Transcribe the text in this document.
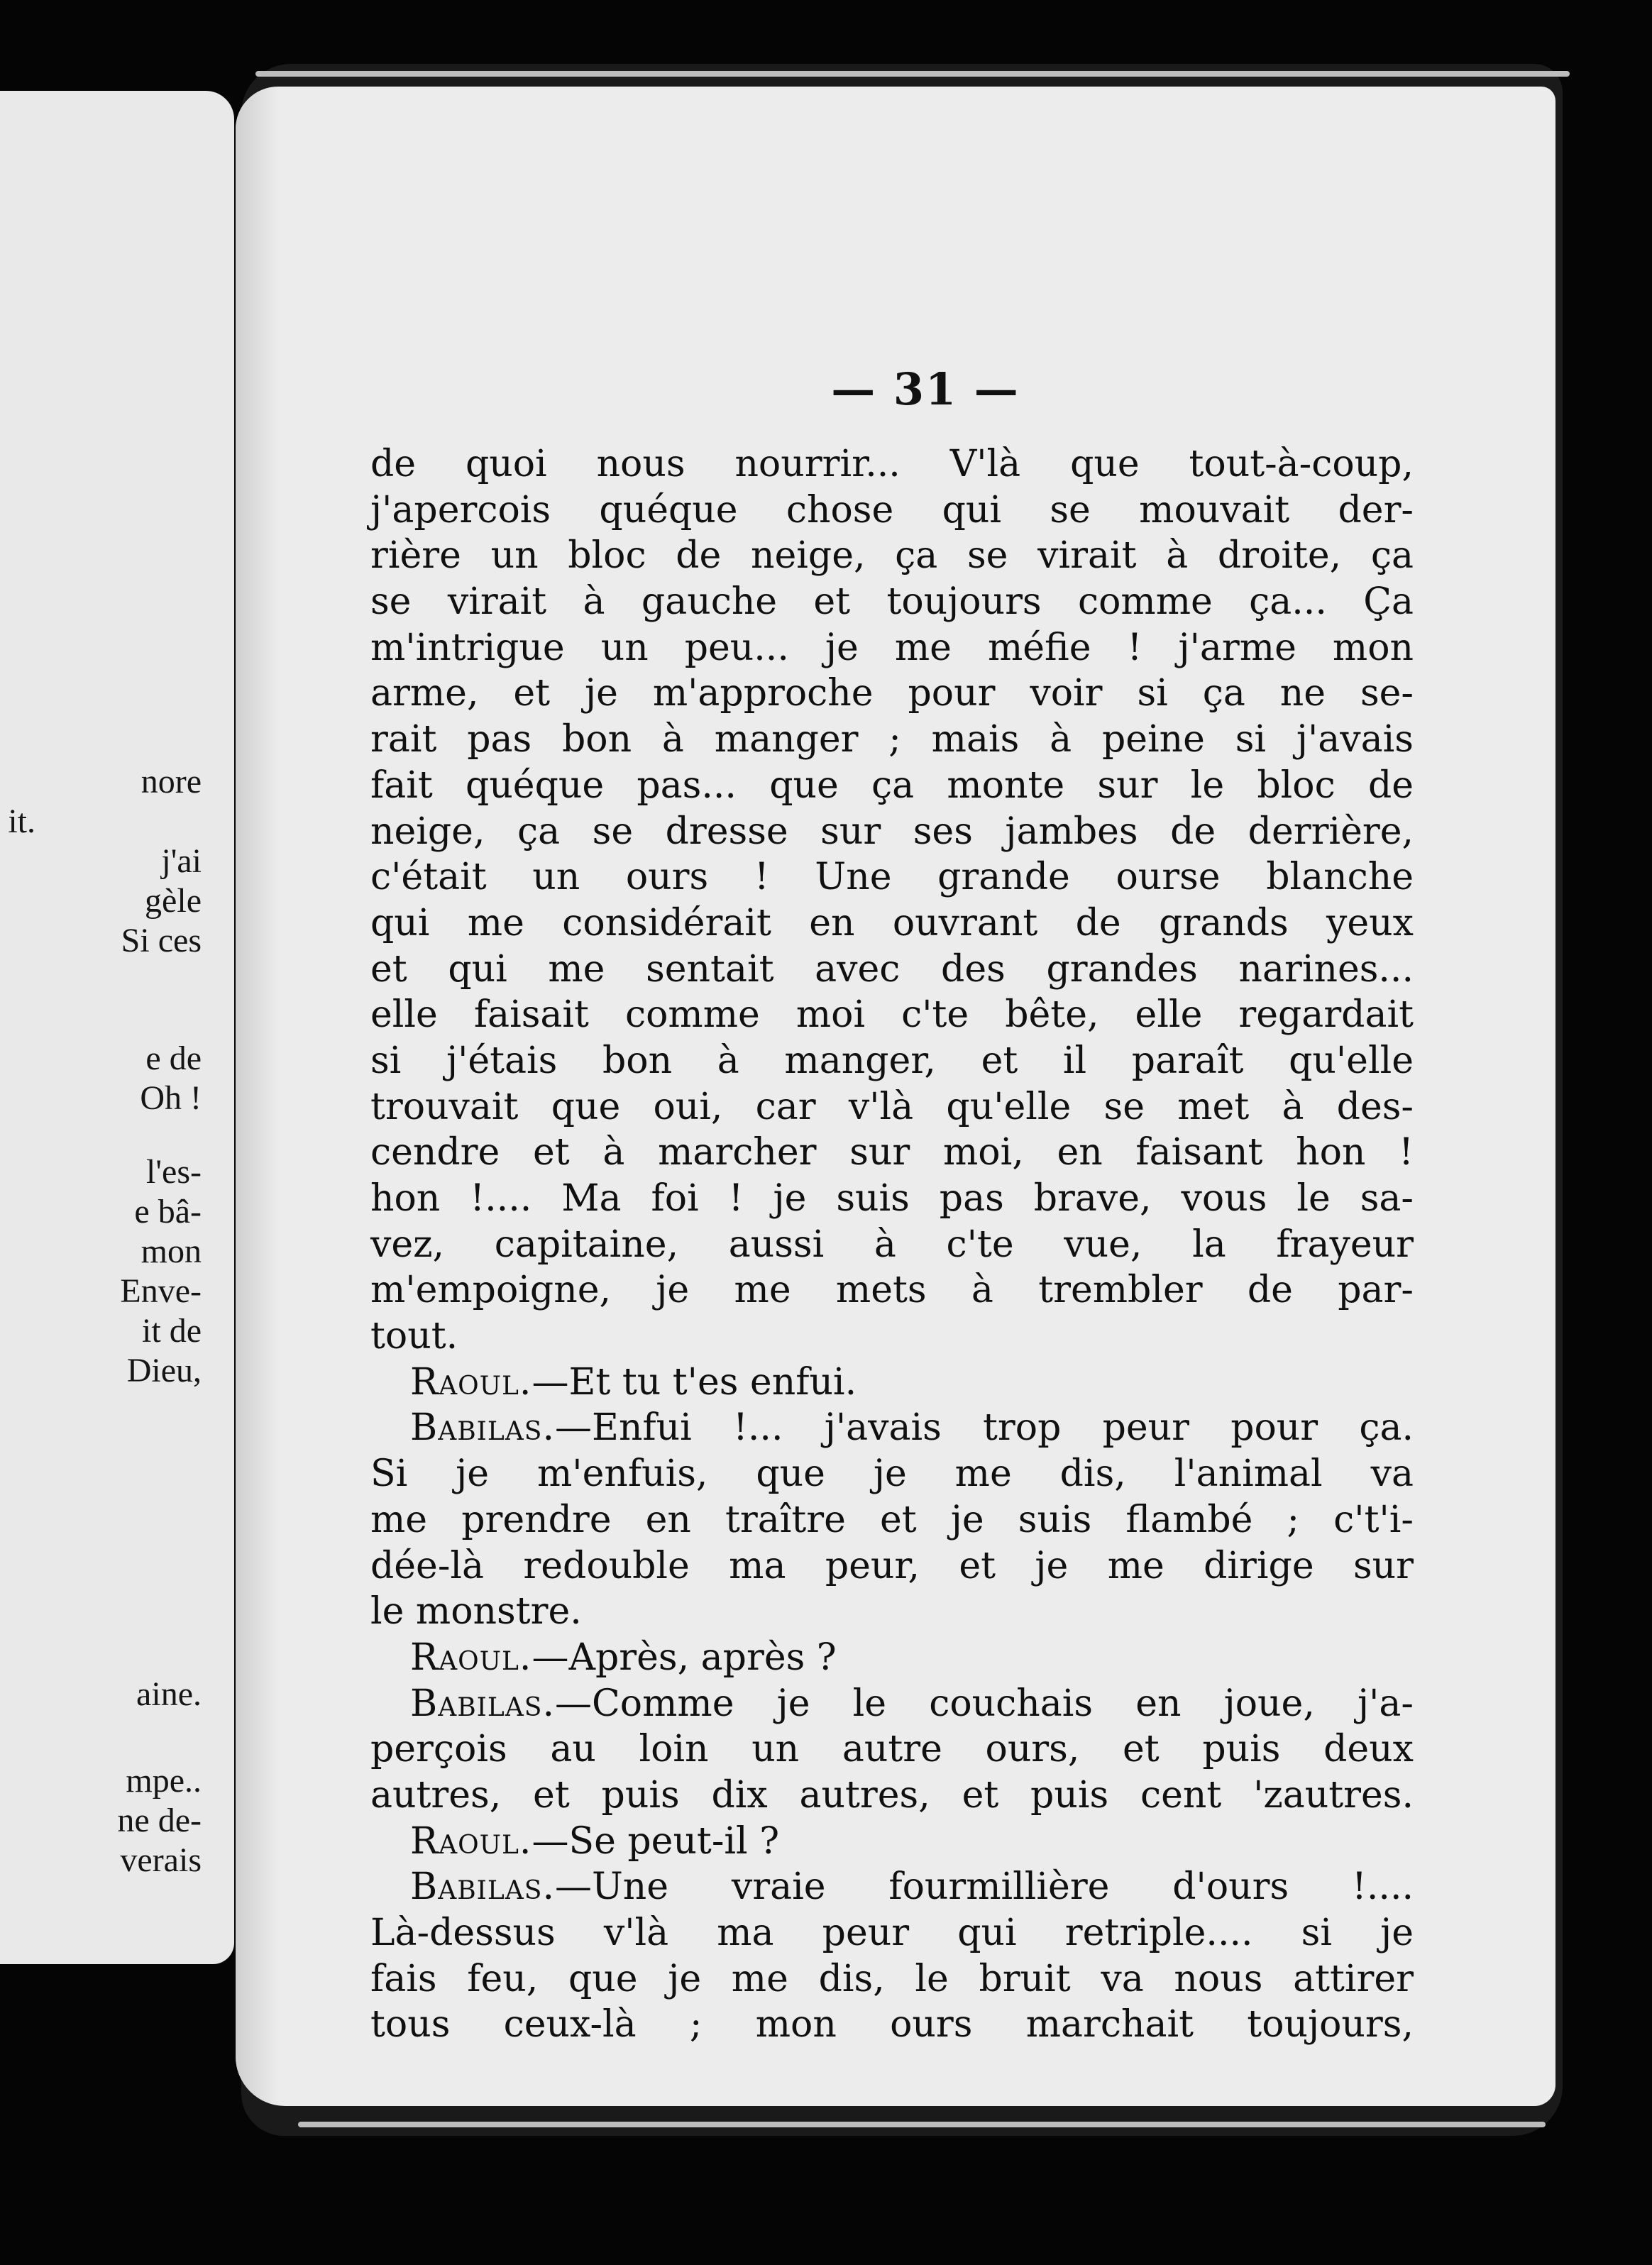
nore
it.
j'ai
gèle
Si ces
e de
Oh !
l'es-
e bâ-
mon
Enve-
it de
Dieu,
aine.
mpe..
ne de-
verais
— 31 —
de quoi nous nourrir... V'là que tout-à-coup,
j'apercois quéque chose qui se mouvait der-
rière un bloc de neige, ça se virait à droite, ça
se virait à gauche et toujours comme ça... Ça
m'intrigue un peu... je me méfie ! j'arme mon
arme, et je m'approche pour voir si ça ne se-
rait pas bon à manger ; mais à peine si j'avais
fait quéque pas... que ça monte sur le bloc de
neige, ça se dresse sur ses jambes de derrière,
c'était un ours ! Une grande ourse blanche
qui me considérait en ouvrant de grands yeux
et qui me sentait avec des grandes narines...
elle faisait comme moi c'te bête, elle regardait
si j'étais bon à manger, et il paraît qu'elle
trouvait que oui, car v'là qu'elle se met à des-
cendre et à marcher sur moi, en faisant hon !
hon !.... Ma foi ! je suis pas brave, vous le sa-
vez, capitaine, aussi à c'te vue, la frayeur
m'empoigne, je me mets à trembler de par-
tout.
Raoul.—Et tu t'es enfui.
Babilas.—Enfui !... j'avais trop peur pour ça.
Si je m'enfuis, que je me dis, l'animal va
me prendre en traître et je suis flambé ; c't'i-
dée-là redouble ma peur, et je me dirige sur
le monstre.
Raoul.—Après, après ?
Babilas.—Comme je le couchais en joue, j'a-
perçois au loin un autre ours, et puis deux
autres, et puis dix autres, et puis cent 'zautres.
Raoul.—Se peut-il ?
Babilas.—Une vraie fourmillière d'ours !....
Là-dessus v'là ma peur qui retriple.... si je
fais feu, que je me dis, le bruit va nous attirer
tous ceux-là ; mon ours marchait toujours,
